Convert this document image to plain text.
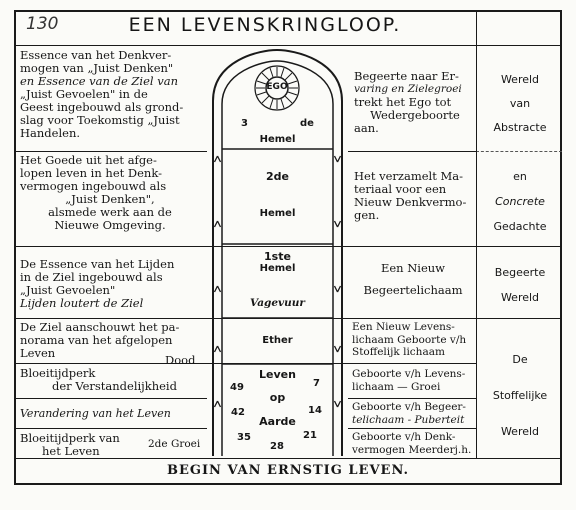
130	EEN LEVENSKRINGLOOP.
EGO
3	de
Hemel
2de
Hemel
1ste
Hemel
Vagevuur
Ether
Leven
op
Aarde
49	7
42	14
35
28
21
Essence van het Denkver-
mogen van „Juist Denken"
en Essence van de Ziel van
„Juist Gevoelen" in de
Geest ingebouwd als grond-
slag voor Toekomstig „Juist
Handelen.
Het Goede uit het afge-
lopen leven in het Denk-
vermogen ingebouwd als
„Juist Denken",
alsmede werk aan de
Nieuwe Omgeving.
De Essence van het Lijden
in de Ziel ingebouwd als
„Juist Gevoelen"
Lijden loutert de Ziel
De Ziel aanschouwt het pa-
norama van het afgelopen
Leven	Dood
Bloeitijdperk
der Verstandelijkheid
Verandering van het Leven
Bloeitijdperk van
het Leven	2de Groei
Begeerte naar Er-
varing en Zielegroei
trekt het Ego tot
Wedergeboorte
aan.
Het verzamelt Ma-
teriaal voor een
Nieuw Denkvermo-
gen.
Een Nieuw
Begeertelichaam
Een Nieuw Levens-
lichaam Geboorte v/h
Stoffelijk lichaam
Geboorte v/h Levens-
lichaam — Groei
Geboorte v/h Begeer-
telichaam - Puberteit
Geboorte v/h Denk-
vermogen Meerderj.h.
Wereld
van
Abstracte
en
Concrete
Gedachte
Begeerte
Wereld
De
Stoffelijke
Wereld
BEGIN VAN ERNSTIG LEVEN.
